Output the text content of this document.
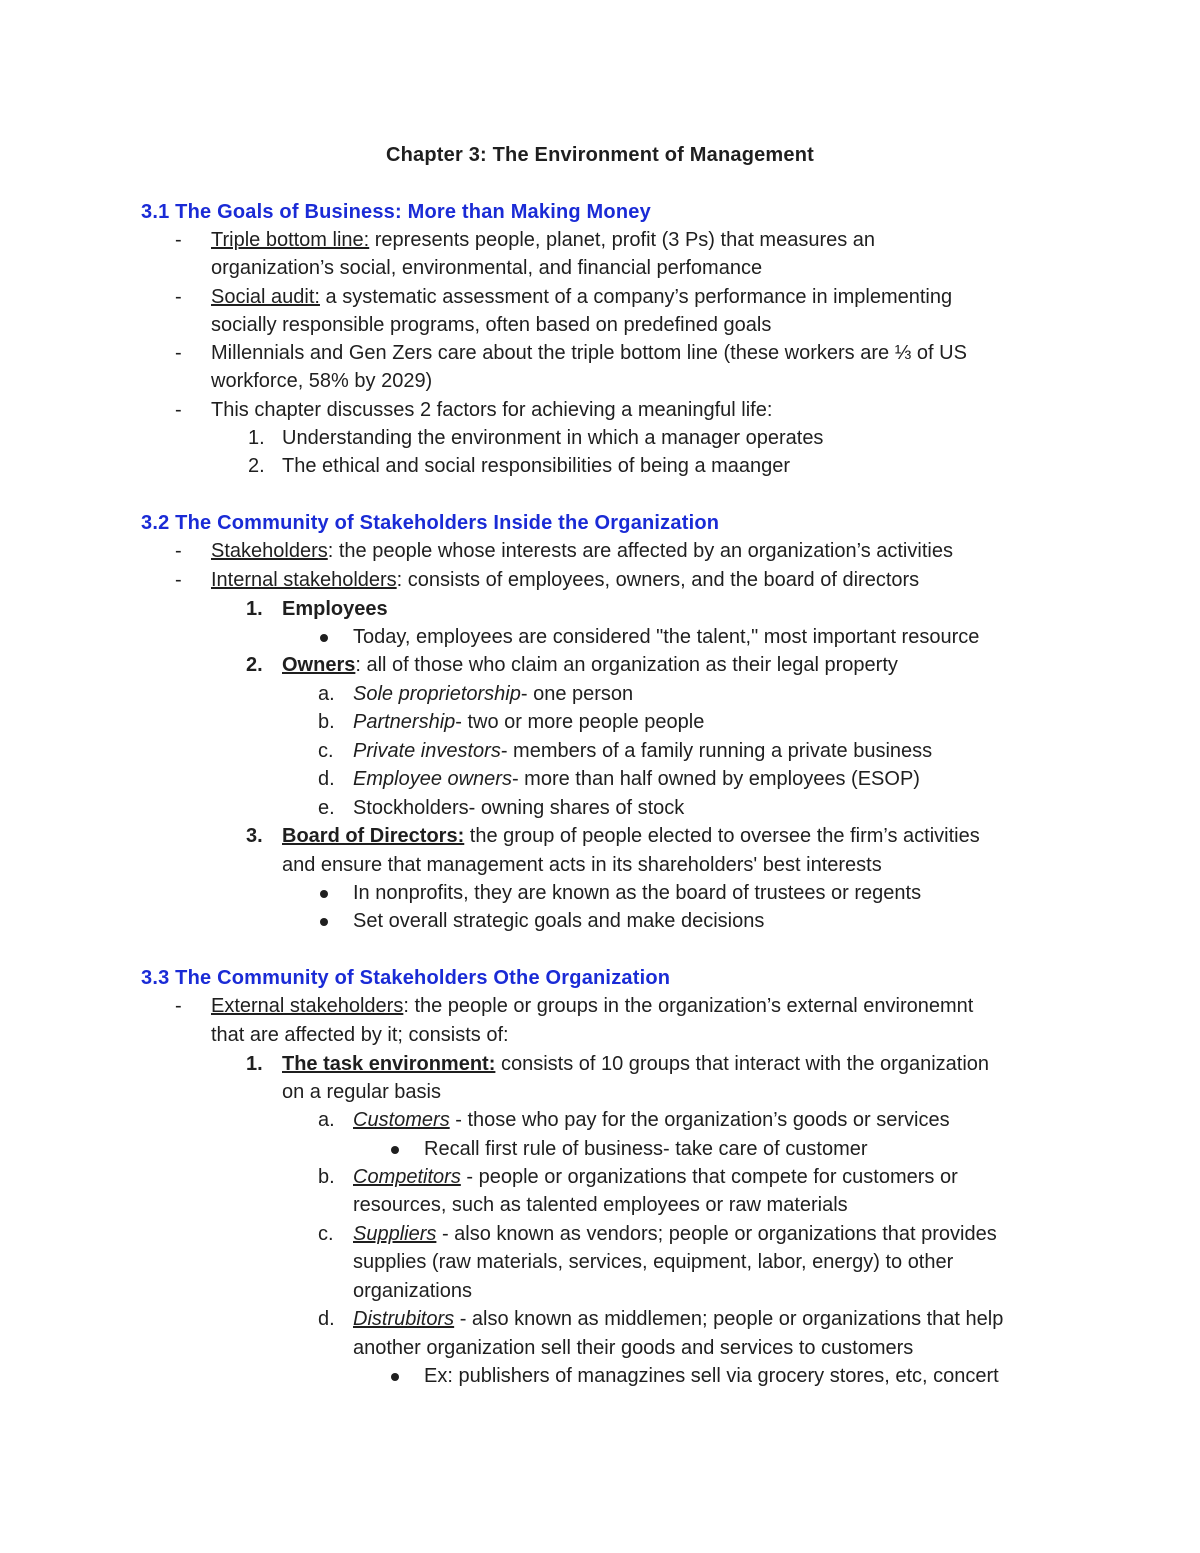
Chapter 3: The Environment of Management
3.1 The Goals of Business: More than Making Money
- Triple bottom line: represents people, planet, profit (3 Ps) that measures an
organization’s social, environmental, and financial perfomance
- Social audit: a systematic assessment of a company’s performance in implementing
socially responsible programs, often based on predefined goals
- Millennials and Gen Zers care about the triple bottom line (these workers are ⅓ of US
workforce, 58% by 2029)
- This chapter discusses 2 factors for achieving a meaningful life:
1. Understanding the environment in which a manager operates
2. The ethical and social responsibilities of being a maanger
3.2 The Community of Stakeholders Inside the Organization
- Stakeholders: the people whose interests are affected by an organization’s activities
- Internal stakeholders: consists of employees, owners, and the board of directors
1. Employees
Today, employees are considered "the talent," most important resource
2. Owners: all of those who claim an organization as their legal property
a. Sole proprietorship- one person
b. Partnership- two or more people people
c. Private investors- members of a family running a private business
d. Employee owners- more than half owned by employees (ESOP)
e. Stockholders- owning shares of stock
3. Board of Directors: the group of people elected to oversee the firm’s activities
and ensure that management acts in its shareholders' best interests
In nonprofits, they are known as the board of trustees or regents
Set overall strategic goals and make decisions
3.3 The Community of Stakeholders Othe Organization
- External stakeholders: the people or groups in the organization’s external environemnt
that are affected by it; consists of:
1. The task environment: consists of 10 groups that interact with the organization
on a regular basis
a. Customers - those who pay for the organization’s goods or services
Recall first rule of business- take care of customer
b. Competitors - people or organizations that compete for customers or
resources, such as talented employees or raw materials
c. Suppliers - also known as vendors; people or organizations that provides
supplies (raw materials, services, equipment, labor, energy) to other
organizations
d. Distrubitors - also known as middlemen; people or organizations that help
another organization sell their goods and services to customers
Ex: publishers of managzines sell via grocery stores, etc, concert
